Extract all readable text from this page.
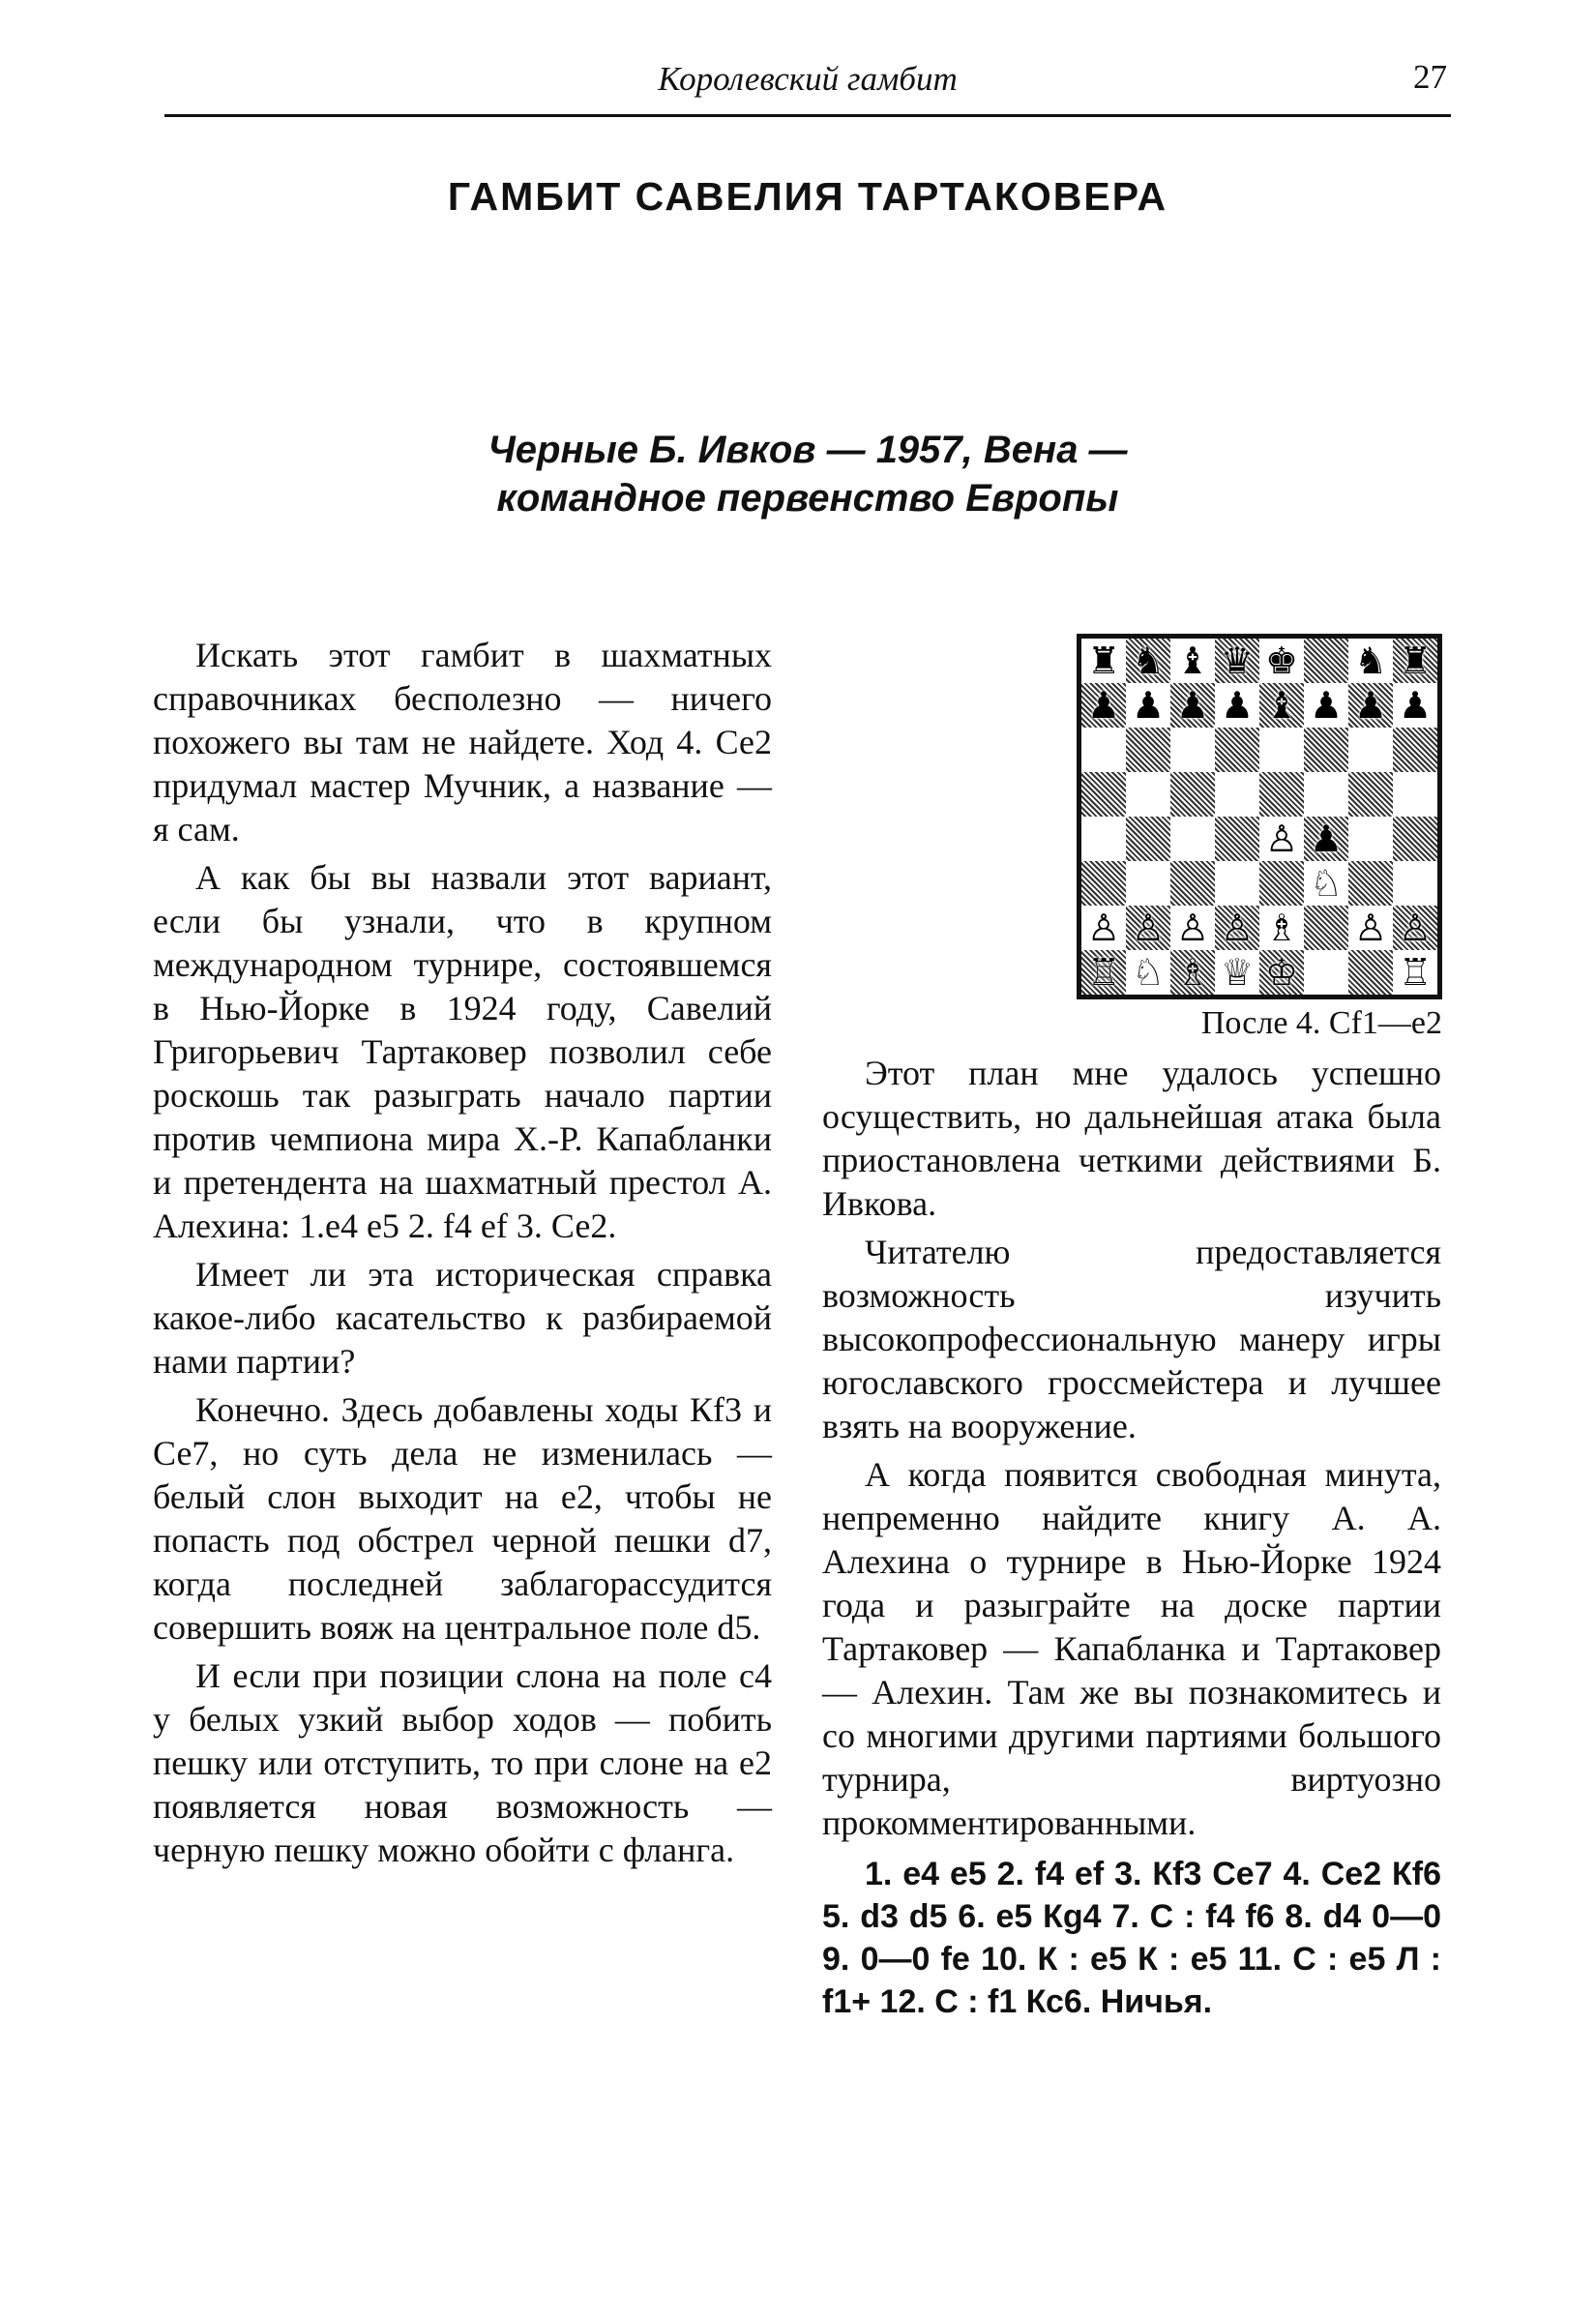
Королевский гамбит	27
ГАМБИТ САВЕЛИЯ ТАРТАКОВЕРА
Черные Б. Ивков — 1957, Вена —
командное первенство Европы

Искать этот гамбит в шахматных справочниках бесполезно — ничего похожего вы там не найдете. Ход 4. Се2 придумал мастер Мучник, а название — я сам.

А как бы вы назвали этот вариант, если бы узнали, что в крупном международном турнире, состоявшемся в Нью-Йорке в 1924 году, Савелий Григорьевич Тартаковер позволил себе роскошь так разыграть начало партии против чемпиона мира Х.-Р. Капабланки и претендента на шахматный престол А. Алехина: 1.e4 e5 2. f4 ef 3. Се2.

Имеет ли эта историческая справка какое-либо касательство к разбираемой нами партии?

Конечно. Здесь добавлены ходы Кf3 и Се7, но суть дела не изменилась — белый слон выходит на е2, чтобы не попасть под обстрел черной пешки d7, когда последней заблагорассудится совершить вояж на центральное поле d5.

И если при позиции слона на поле с4 у белых узкий выбор ходов — побить пешку или отступить, то при слоне на е2 появляется новая возможность — черную пешку можно обойти с фланга.

♜ ♞ ♝ ♛ ♚ ♞ ♜
♟ ♟ ♟ ♟ ♝ ♟ ♟ ♟
♙ ♟
♘
♙ ♙ ♙ ♙ ♗ ♙ ♙
♖ ♘ ♗ ♕ ♔	♖
После 4. Сf1—e2

Этот план мне удалось успешно осуществить, но дальнейшая атака была приостановлена четкими действиями Б. Ивкова.

Читателю предоставляется возможность изучить высокопрофессиональную манеру игры югославского гроссмейстера и лучшее взять на вооружение.

А когда появится свободная минута, непременно найдите книгу А. А. Алехина о турнире в Нью-Йорке 1924 года и разыграйте на доске партии Тартаковер — Капабланка и Тартаковер — Алехин. Там же вы познакомитесь и со многими другими партиями большого турнира, виртуозно прокомментированными.

1. e4 e5 2. f4 ef 3. Кf3 Се7 4. Се2 Кf6 5. d3 d5 6. e5 Кg4 7. С : f4 f6 8. d4 0—0 9. 0—0 fe 10. К : e5 К : e5 11. С : e5 Л : f1+ 12. С : f1 Кс6. Ничья.
